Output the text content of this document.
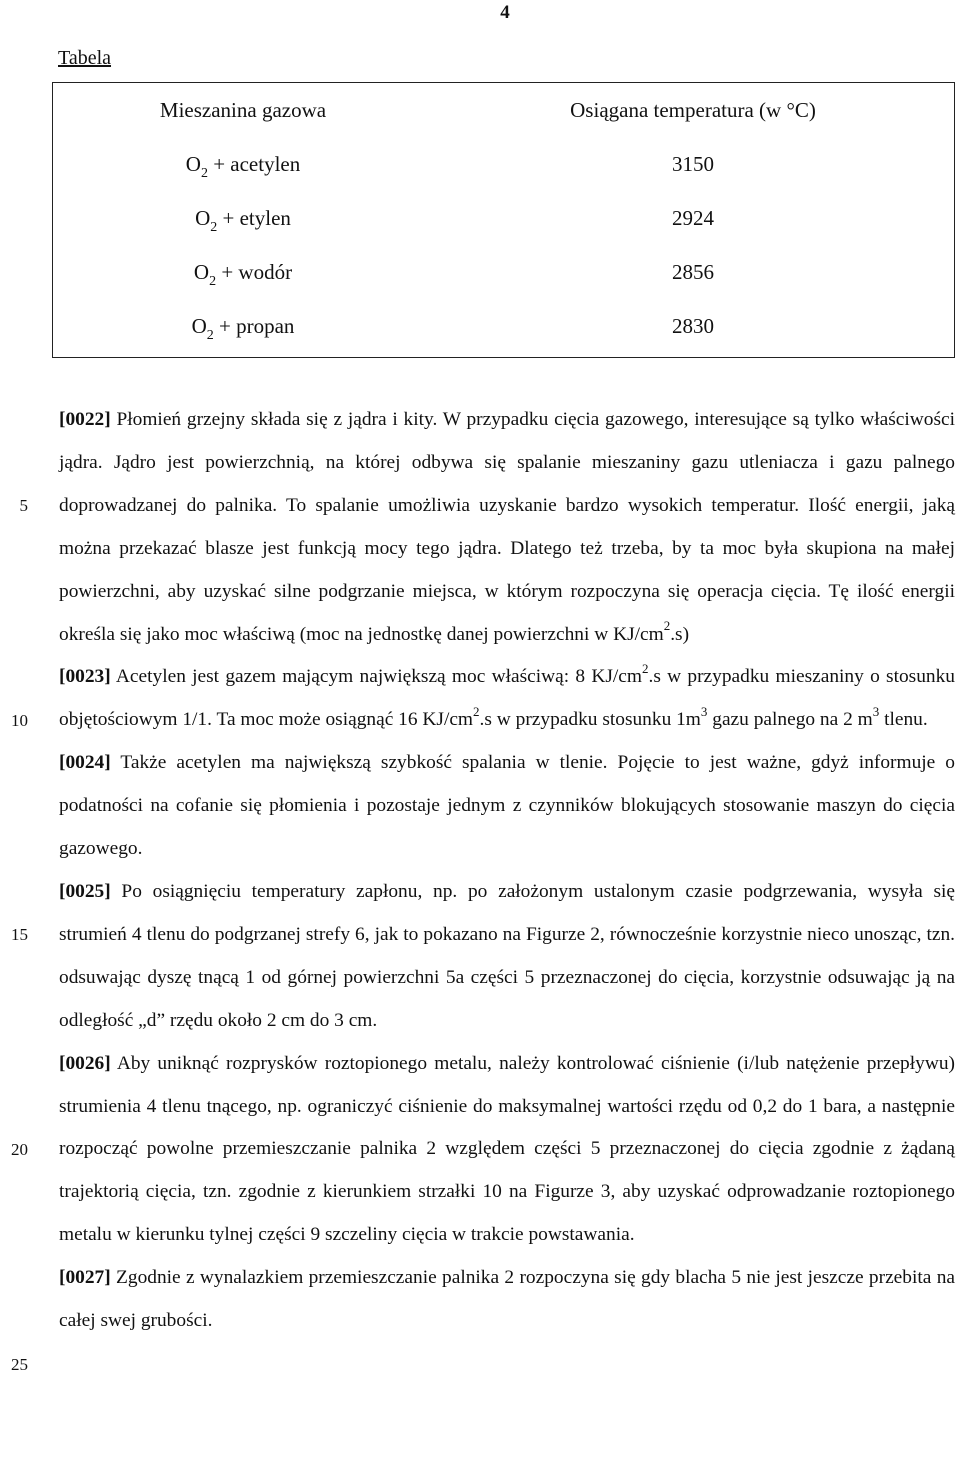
4
Tabela
Mieszanina gazowa	Osiągana temperatura (w °C)
$O_2$ + acetylen	3150
$O_2$ + etylen	2924
$O_2$ + wodór	2856
$O_2$ + propan	2830
5
10
15
20
25

[0022] Płomień grzejny składa się z jądra i kity. W przypadku cięcia gazowego, interesujące są tylko właściwości jądra. Jądro jest powierzchnią, na której odbywa się spalanie mieszaniny gazu utleniacza i gazu palnego doprowadzanej do palnika. To spalanie umożliwia uzyskanie bardzo wysokich temperatur. Ilość energii, jaką można przekazać blasze jest funkcją mocy tego jądra. Dlatego też trzeba, by ta moc była skupiona na małej powierzchni, aby uzyskać silne podgrzanie miejsca, w którym rozpoczyna się operacja cięcia. Tę ilość energii określa się jako moc właściwą (moc na jednostkę danej powierzchni w $KJ/cm^2.s$)

[0023] Acetylen jest gazem mającym największą moc właściwą: 8 $KJ/cm^2.s$ w przypadku mieszaniny o stosunku objętościowym 1/1. Ta moc może osiągnąć 16 $KJ/cm^2.s$ w przypadku stosunku $1m^3$ gazu palnego na 2 $m^3$ tlenu.

[0024] Także acetylen ma największą szybkość spalania w tlenie. Pojęcie to jest ważne, gdyż informuje o podatności na cofanie się płomienia i pozostaje jednym z czynników blokujących stosowanie maszyn do cięcia gazowego.

[0025] Po osiągnięciu temperatury zapłonu, np. po założonym ustalonym czasie podgrzewania, wysyła się strumień 4 tlenu do podgrzanej strefy 6, jak to pokazano na Figurze 2, równocześnie korzystnie nieco unosząc, tzn. odsuwając dyszę tnącą 1 od górnej powierzchni 5a części 5 przeznaczonej do cięcia, korzystnie odsuwając ją na odległość „d” rzędu około 2 cm do 3 cm.

[0026] Aby uniknąć rozprysków roztopionego metalu, należy kontrolować ciśnienie (i/lub natężenie przepływu) strumienia 4 tlenu tnącego, np. ograniczyć ciśnienie do maksymalnej wartości rzędu od 0,2 do 1 bara, a następnie rozpocząć powolne przemieszczanie palnika 2 względem części 5 przeznaczonej do cięcia zgodnie z żądaną trajektorią cięcia, tzn. zgodnie z kierunkiem strzałki 10 na Figurze 3, aby uzyskać odprowadzanie roztopionego metalu w kierunku tylnej części 9 szczeliny cięcia w trakcie powstawania.

[0027] Zgodnie z wynalazkiem przemieszczanie palnika 2 rozpoczyna się gdy blacha 5 nie jest jeszcze przebita na całej swej grubości.
